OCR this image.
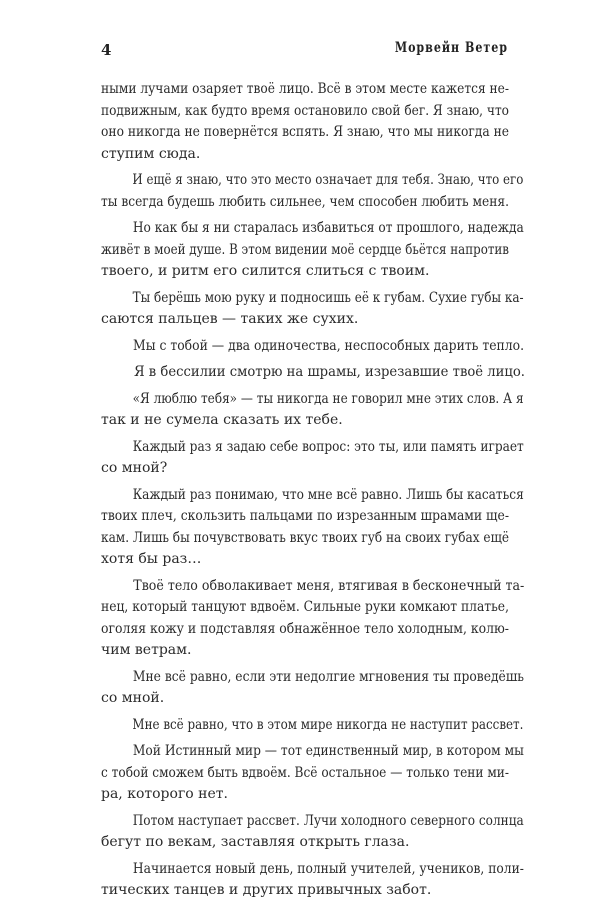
4	Морвейн Ветер
ными лучами озаряет твоё лицо. Всё в этом месте кажется не-
подвижным, как будто время остановило свой бег. Я знаю, что
оно никогда не повернётся вспять. Я знаю, что мы никогда не
ступим сюда.
И ещё я знаю, что это место означает для тебя. Знаю, что его
ты всегда будешь любить сильнее, чем способен любить меня.
Но как бы я ни старалась избавиться от прошлого, надежда
живёт в моей душе. В этом видении моё сердце бьётся напротив
твоего, и ритм его силится слиться с твоим.
Ты берёшь мою руку и подносишь её к губам. Сухие губы ка-
саются пальцев — таких же сухих.
Мы с тобой — два одиночества, неспособных дарить тепло.
Я в бессилии смотрю на шрамы, изрезавшие твоё лицо.
«Я люблю тебя» — ты никогда не говорил мне этих слов. А я
так и не сумела сказать их тебе.
Каждый раз я задаю себе вопрос: это ты, или память играет
со мной?
Каждый раз понимаю, что мне всё равно. Лишь бы касаться
твоих плеч, скользить пальцами по изрезанным шрамами ще-
кам. Лишь бы почувствовать вкус твоих губ на своих губах ещё
хотя бы раз…
Твоё тело обволакивает меня, втягивая в бесконечный та-
нец, который танцуют вдвоём. Сильные руки комкают платье,
оголяя кожу и подставляя обнажённое тело холодным, колю-
чим ветрам.
Мне всё равно, если эти недолгие мгновения ты проведёшь
со мной.
Мне всё равно, что в этом мире никогда не наступит рассвет.
Мой Истинный мир — тот единственный мир, в котором мы
с тобой сможем быть вдвоём. Всё остальное — только тени ми-
ра, которого нет.
Потом наступает рассвет. Лучи холодного северного солнца
бегут по векам, заставляя открыть глаза.
Начинается новый день, полный учителей, учеников, поли-
тических танцев и других привычных забот.
